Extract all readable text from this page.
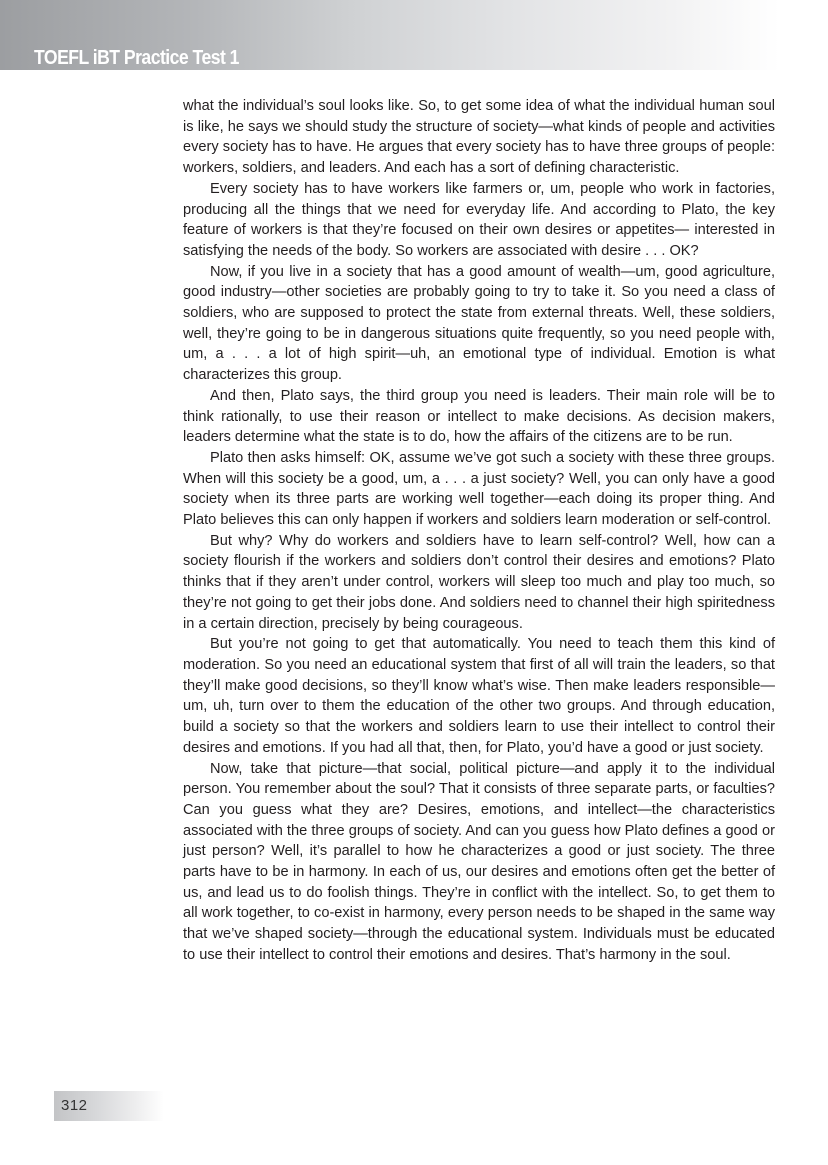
TOEFL iBT Practice Test 1

what the individual’s soul looks like. So, to get some idea of what the individual human soul is like, he says we should study the structure of society—what kinds of people and activities every society has to have. He argues that every society has to have three groups of people: workers, soldiers, and leaders. And each has a sort of defining characteristic.

Every society has to have workers like farmers or, um, people who work in factories, producing all the things that we need for everyday life. And according to Plato, the key feature of workers is that they’re focused on their own desires or appetites— interested in satisfying the needs of the body. So workers are associated with desire . . . OK?

Now, if you live in a society that has a good amount of wealth—um, good agriculture, good industry—other societies are probably going to try to take it. So you need a class of soldiers, who are supposed to protect the state from external threats. Well, these soldiers, well, they’re going to be in dangerous situations quite frequently, so you need people with, um, a . . . a lot of high spirit—uh, an emotional type of individual. Emotion is what characterizes this group.

And then, Plato says, the third group you need is leaders. Their main role will be to think rationally, to use their reason or intellect to make decisions. As decision makers, leaders determine what the state is to do, how the affairs of the citizens are to be run.

Plato then asks himself: OK, assume we’ve got such a society with these three groups. When will this society be a good, um, a . . . a just society? Well, you can only have a good society when its three parts are working well together—each doing its proper thing. And Plato believes this can only happen if workers and soldiers learn moderation or self-control.

But why? Why do workers and soldiers have to learn self-control? Well, how can a society flourish if the workers and soldiers don’t control their desires and emotions? Plato thinks that if they aren’t under control, workers will sleep too much and play too much, so they’re not going to get their jobs done. And soldiers need to channel their high spiritedness in a certain direction, precisely by being courageous.

But you’re not going to get that automatically. You need to teach them this kind of moderation. So you need an educational system that first of all will train the leaders, so that they’ll make good decisions, so they’ll know what’s wise. Then make leaders responsible—um, uh, turn over to them the education of the other two groups. And through education, build a society so that the workers and soldiers learn to use their intellect to control their desires and emotions. If you had all that, then, for Plato, you’d have a good or just society.

Now, take that picture—that social, political picture—and apply it to the individual person. You remember about the soul? That it consists of three separate parts, or faculties? Can you guess what they are? Desires, emotions, and intellect—the characteristics associated with the three groups of society. And can you guess how Plato defines a good or just person? Well, it’s parallel to how he characterizes a good or just society. The three parts have to be in harmony. In each of us, our desires and emotions often get the better of us, and lead us to do foolish things. They’re in conflict with the intellect. So, to get them to all work together, to co-exist in harmony, every person needs to be shaped in the same way that we’ve shaped society—through the educational system. Individuals must be educated to use their intellect to control their emotions and desires. That’s harmony in the soul.

312
